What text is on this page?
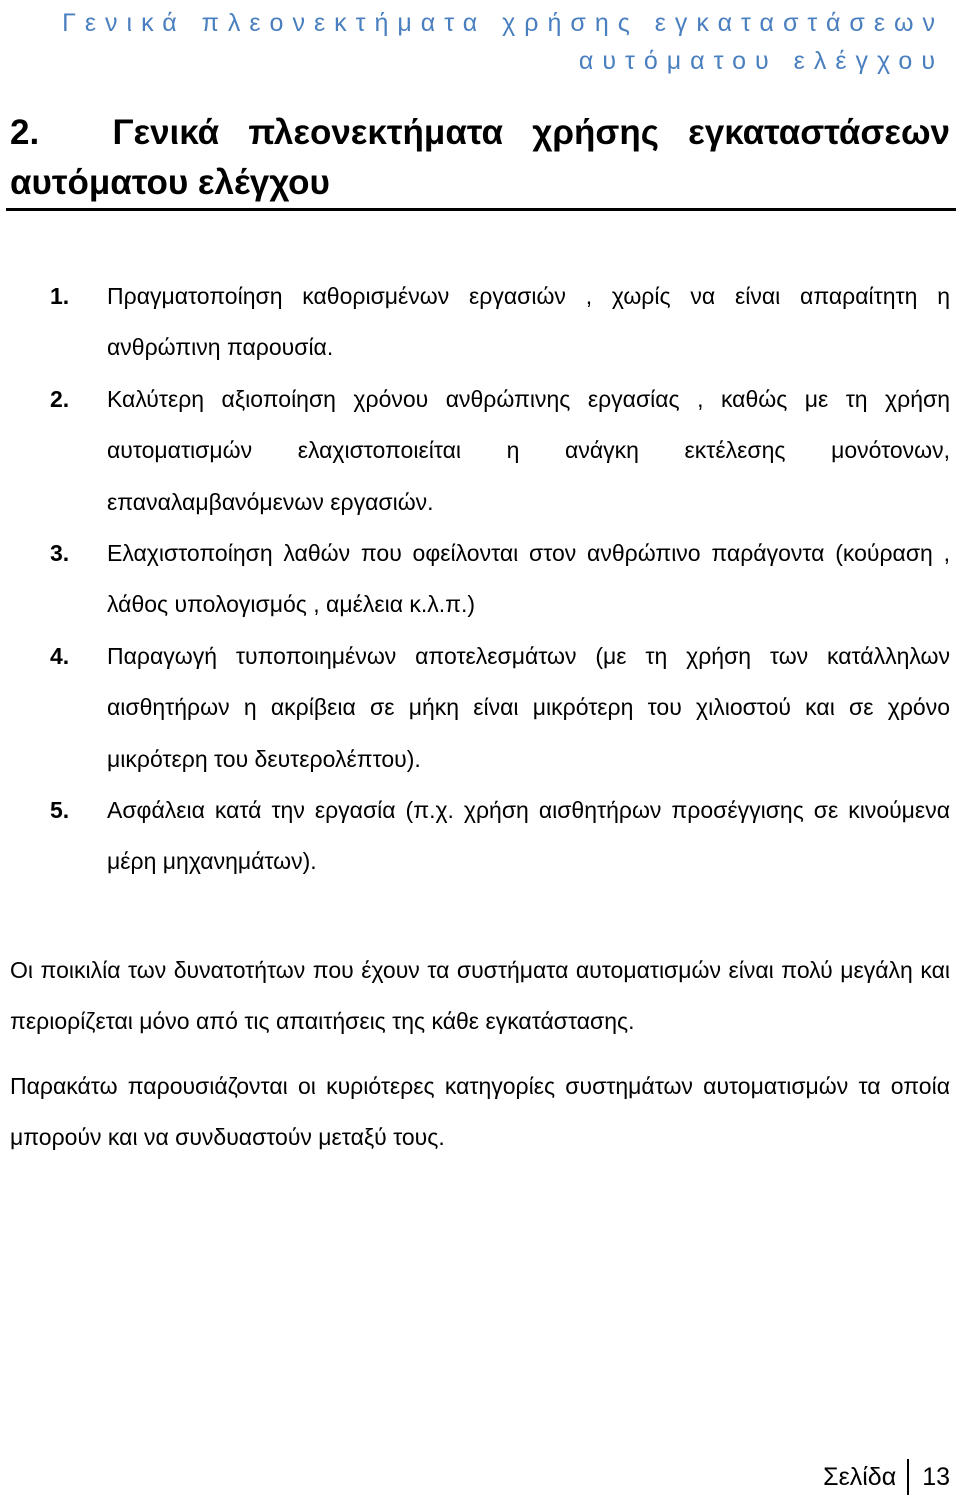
Γενικά πλεονεκτήματα χρήσης εγκαταστάσεων αυτόματου ελέγχου
2. Γενικά πλεονεκτήματα χρήσης εγκαταστάσεων αυτόματου ελέγχου
1. Πραγματοποίηση καθορισμένων εργασιών , χωρίς να είναι απαραίτητη η ανθρώπινη παρουσία.
2. Καλύτερη αξιοποίηση χρόνου ανθρώπινης εργασίας , καθώς με τη χρήση αυτοματισμών ελαχιστοποιείται η ανάγκη εκτέλεσης μονότονων, επαναλαμβανόμενων εργασιών.
3. Ελαχιστοποίηση λαθών που οφείλονται στον ανθρώπινο παράγοντα (κούραση , λάθος υπολογισμός , αμέλεια κ.λ.π.)
4. Παραγωγή τυποποιημένων αποτελεσμάτων (με τη χρήση των κατάλληλων αισθητήρων η ακρίβεια σε μήκη είναι μικρότερη του χιλιοστού και σε χρόνο μικρότερη του δευτερολέπτου).
5. Ασφάλεια κατά την εργασία (π.χ. χρήση αισθητήρων προσέγγισης σε κινούμενα μέρη μηχανημάτων).

Οι ποικιλία των δυνατοτήτων που έχουν τα συστήματα αυτοματισμών είναι πολύ μεγάλη και περιορίζεται μόνο από τις απαιτήσεις της κάθε εγκατάστασης.

Παρακάτω παρουσιάζονται οι κυριότερες κατηγορίες συστημάτων αυτοματισμών τα οποία μπορούν και να συνδυαστούν μεταξύ τους.

Σελίδα 13
